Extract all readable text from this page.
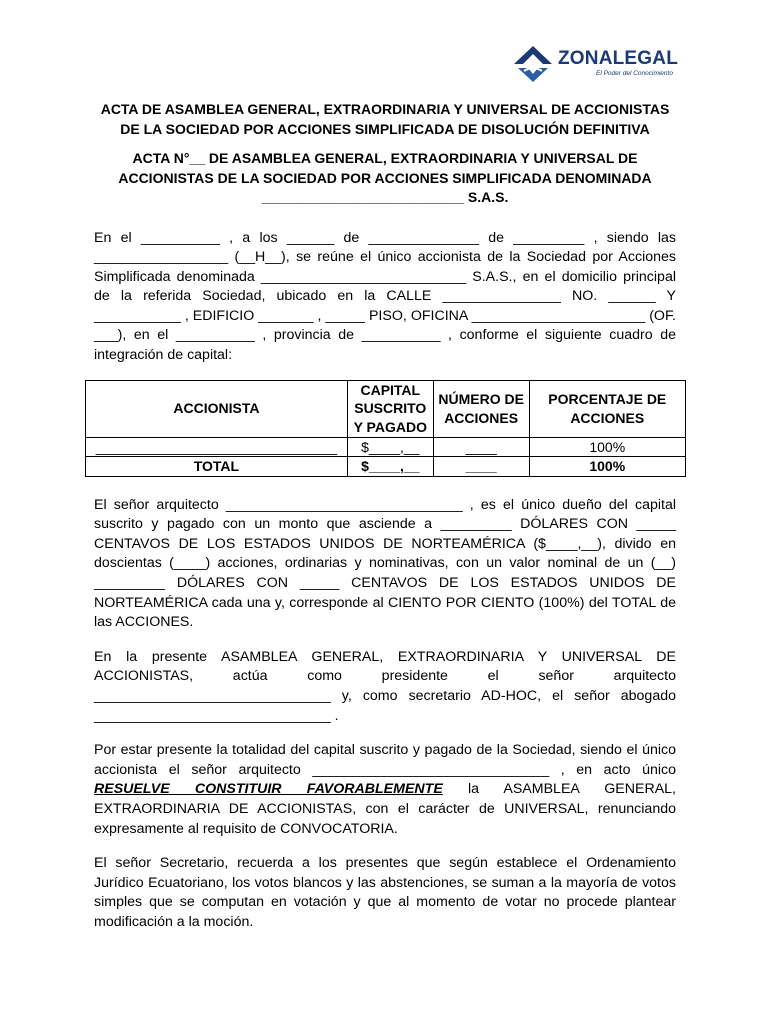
ZONALEGAL
El Poder del Conocimiento
ACTA DE ASAMBLEA GENERAL, EXTRAORDINARIA Y UNIVERSAL DE ACCIONISTAS DE LA SOCIEDAD POR ACCIONES SIMPLIFICADA DE DISOLUCIÓN DEFINITIVA
ACTA N°__ DE ASAMBLEA GENERAL, EXTRAORDINARIA Y UNIVERSAL DE ACCIONISTAS DE LA SOCIEDAD POR ACCIONES SIMPLIFICADA DENOMINADA __________________________ S.A.S.

En el __________ , a los ______ de ______________ de _________ , siendo las _________________ (__H__), se reúne el único accionista de la Sociedad por Acciones Simplificada denominada __________________________ S.A.S., en el domicilio principal de la referida Sociedad, ubicado en la CALLE _______________ NO. ______ Y ___________ , EDIFICIO _______ , _____ PISO, OFICINA ______________________ (OF. ___), en el __________ , provincia de __________ , conforme el siguiente cuadro de integración de capital:

ACCIONISTA	CAPITAL SUSCRITO Y PAGADO	NÚMERO DE ACCIONES	PORCENTAJE DE ACCIONES
_______________________________	$____,__	____	100%
TOTAL	$____,__	____	100%

El señor arquitecto ______________________________ , es el único dueño del capital suscrito y pagado con un monto que asciende a _________ DÓLARES CON _____ CENTAVOS DE LOS ESTADOS UNIDOS DE NORTEAMÉRICA ($____,__), divido en doscientas (____) acciones, ordinarias y nominativas, con un valor nominal de un (__) _________ DÓLARES CON _____ CENTAVOS DE LOS ESTADOS UNIDOS DE NORTEAMÉRICA cada una y, corresponde al CIENTO POR CIENTO (100%) del TOTAL de las ACCIONES.

En la presente ASAMBLEA GENERAL, EXTRAORDINARIA Y UNIVERSAL DE ACCIONISTAS, actúa como presidente el señor arquitecto ______________________________ y, como secretario AD-HOC, el señor abogado ______________________________ .

Por estar presente la totalidad del capital suscrito y pagado de la Sociedad, siendo el único accionista el señor arquitecto ______________________________ , en acto único RESUELVE CONSTITUIR FAVORABLEMENTE la ASAMBLEA GENERAL, EXTRAORDINARIA DE ACCIONISTAS, con el carácter de UNIVERSAL, renunciando expresamente al requisito de CONVOCATORIA.

El señor Secretario, recuerda a los presentes que según establece el Ordenamiento Jurídico Ecuatoriano, los votos blancos y las abstenciones, se suman a la mayoría de votos simples que se computan en votación y que al momento de votar no procede plantear modificación a la moción.
